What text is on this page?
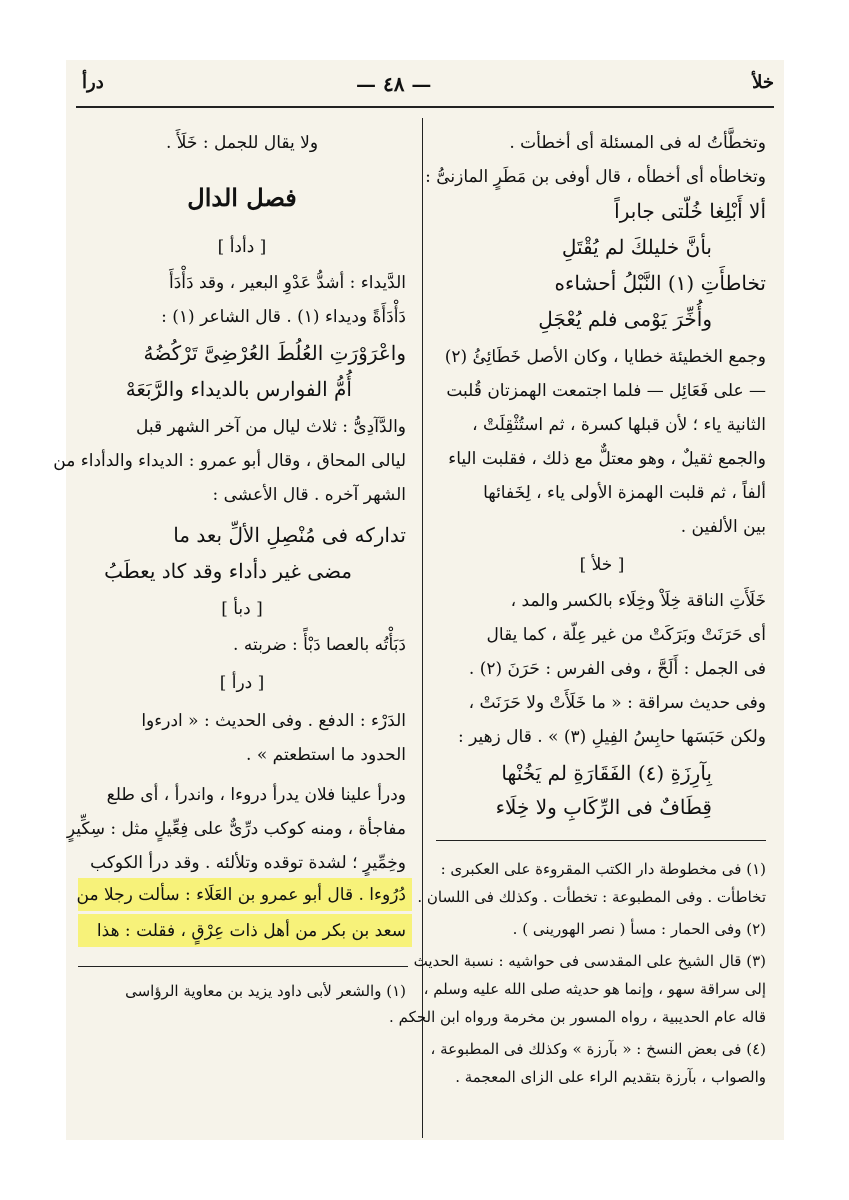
خلأ
— ٤٨ —
درأ
وتخطَّأتُ له فى المسئلة أى أخطأت .
وتخاطأه أى أخطأه ، قال أوفى بن مَطَرٍ المازنىُّ :
ألا أَبْلِغا خُلّتى جابراً
بأنَّ خليلكَ لم يُقْتَلِ
تخاطأَتِ (١) النَّبْلُ أحشاءه
وأُخِّرَ يَوْمى فلم يُعْجَلِ
وجمع الخطيئة خطايا ، وكان الأصل خَطَائِئُ (٢)
— على فَعَائِل — فلما اجتمعت الهمزتان قُلبت
الثانية ياء ؛ لأن قبلها كسرة ، ثم استُثْقِلَتْ ،
والجمع ثقيلٌ ، وهو معتلٌّ مع ذلك ، فقلبت الياء
ألفاً ، ثم قلبت الهمزة الأولى ياء ، لِخَفائها
بين الألفين .
[ خلأ ]
خَلَأَتِ الناقة خِلَاْ وخِلَاء بالكسر والمد ،
أى حَرَنَتْ وبَرَكَتْ من غير عِلّة ، كما يقال
فى الجمل : أَلَحَّ ، وفى الفرس : حَرَنَ (٢) .
وفى حديث سراقة : « ما خَلَأَتْ ولا حَرَنَتْ ،
ولكن حَبَسَها حابِسُ الفِيلِ (٣) » . قال زهير :
بِآرِزَةِ (٤) الفَقَارَةِ لم يَخُنْها
قِطَافٌ فى الرِّكَابِ ولا خِلَاء
(١) فى مخطوطة دار الكتب المقروءة على العكبرى :
تخاطأت . وفى المطبوعة : تخطأت . وكذلك فى اللسان .
(٢) وفى الحمار : مسأ ( نصر الهورينى ) .
(٣) قال الشيخ على المقدسى فى حواشيه : نسبة الحديث
إلى سراقة سهو ، وإنما هو حديثه صلى الله عليه وسلم ،
قاله عام الحديبية ، رواه المسور بن مخرمة ورواه ابن الحكم .
(٤) فى بعض النسخ : « بآرزة » وكذلك فى المطبوعة ،
والصواب ، بآرزة بتقديم الراء على الزاى المعجمة .
ولا يقال للجمل : خَلَأَ .
فصل الدال
[ دأدأ ]
الدَّيداء : أشدُّ عَدْوِ البعير ، وقد دَأْدَأَ
دَأْدَأَةً وديداء (١) . قال الشاعر (١) :
واعْرَوْرَتِ العُلُطَ العُرْضِىَّ تَرْكُضُهُ
أُمُّ الفوارس بالديداء والرَّبَعَهْ
والدَّآدِىُّ : ثلاث ليال من آخر الشهر قبل
ليالى المحاق ، وقال أبو عمرو : الديداء والدأداء من
الشهر آخره . قال الأعشى :
تداركه فى مُنْصِلِ الألِّ بعد ما
مضى غير دأداء وقد كاد يعطَبُ
[ دبأ ]
دَبَأْتُه بالعصا دَبْأً : ضربته .
[ درأ ]
الدَرْء : الدفع . وفى الحديث : « ادرءوا
الحدود ما استطعتم » .
ودرأ علينا فلان يدرأ دروءا ، واندرأ ، أى طلع
مفاجأة ، ومنه كوكب درِّىٌّ على فِعِّيلٍ مثل : سِكِّيرٍ
وخِمِّيرٍ ؛ لشدة توقده وتلألئه . وقد درأ الكوكب
دُرُوءا . قال أبو عمرو بن العَلَاء : سألت رجلا من
سعد بن بكر من أهل ذات عِرْقٍ ، فقلت : هذا
(١) والشعر لأبى داود يزيد بن معاوية الرؤاسى
